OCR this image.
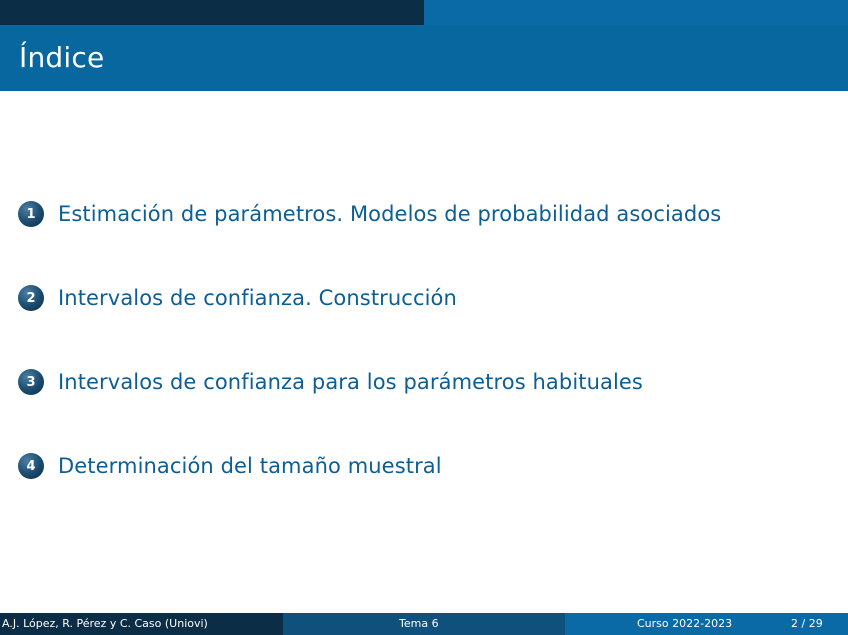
Índice
1	Estimación de parámetros. Modelos de probabilidad asociados
2	Intervalos de confianza. Construcción
3	Intervalos de confianza para los parámetros habituales
4	Determinación del tamaño muestral
A.J. López, R. Pérez y C. Caso (Uniovi)	Tema 6	Curso 2022-2023	2 / 29
